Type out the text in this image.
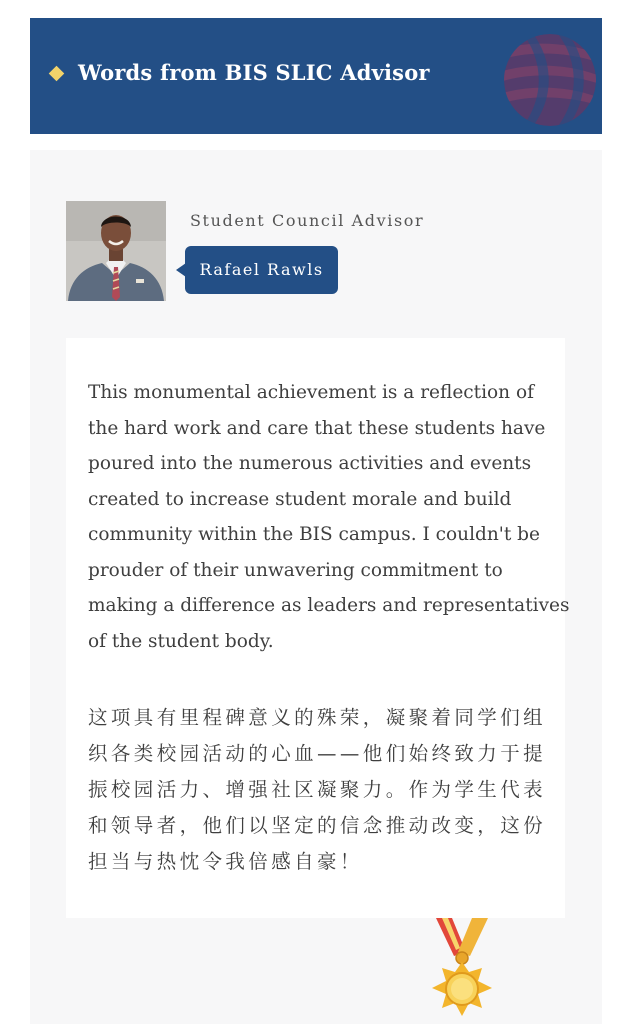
Words from BIS SLIC Advisor
Student Council Advisor
Rafael Rawls
This monumental achievement is a reflection of the hard work and care that these students have poured into the numerous activities and events created to increase student morale and build community within the BIS campus. I couldn't be prouder of their unwavering commitment to making a difference as leaders and representatives of the student body.
这项具有里程碑意义的殊荣，凝聚着同学们组织各类校园活动的心血——他们始终致力于提振校园活力、增强社区凝聚力。作为学生代表和领导者，他们以坚定的信念推动改变，这份担当与热忱令我倍感自豪！
